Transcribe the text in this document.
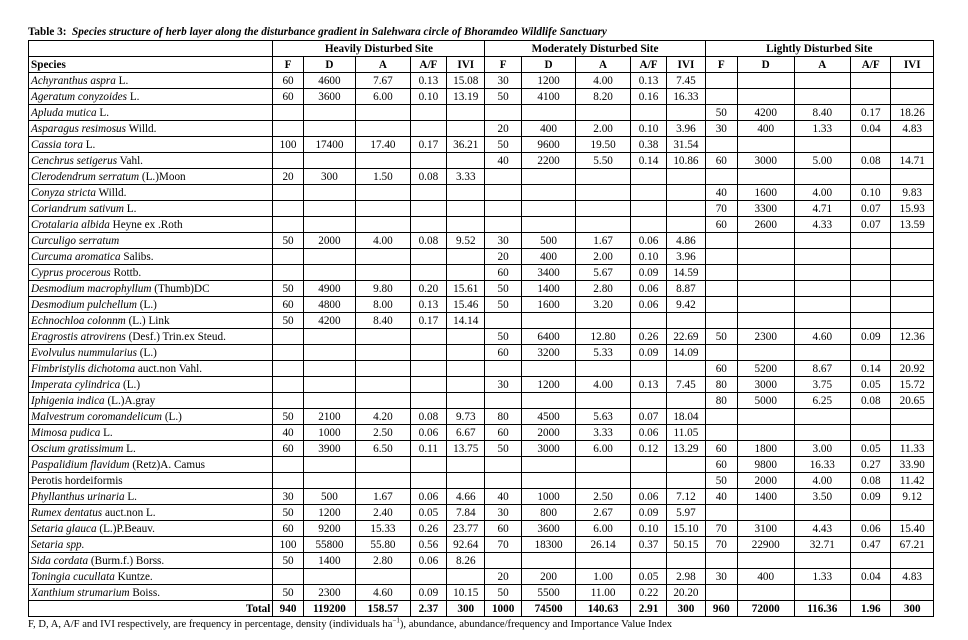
Table 3: Species structure of herb layer along the disturbance gradient in Salehwara circle of Bhoramdeo Wildlife Sanctuary
	Heavily Disturbed Site					Moderately Disturbed Site					Lightly Disturbed Site				
Species	F	D	A	A/F	IVI	F	D	A	A/F	IVI	F	D	A	A/F	IVI
Achyranthus aspra L.	60	4600	7.67	0.13	15.08	30	1200	4.00	0.13	7.45					
Ageratum conyzoides L.	60	3600	6.00	0.10	13.19	50	4100	8.20	0.16	16.33					
Apluda mutica L.											50	4200	8.40	0.17	18.26
Asparagus resimosus Willd.						20	400	2.00	0.10	3.96	30	400	1.33	0.04	4.83
Cassia tora L.	100	17400	17.40	0.17	36.21	50	9600	19.50	0.38	31.54					
Cenchrus setigerus Vahl.						40	2200	5.50	0.14	10.86	60	3000	5.00	0.08	14.71
Clerodendrum serratum (L.)Moon	20	300	1.50	0.08	3.33										
Conyza stricta Willd.											40	1600	4.00	0.10	9.83
Coriandrum sativum L.											70	3300	4.71	0.07	15.93
Crotalaria albida Heyne ex .Roth											60	2600	4.33	0.07	13.59
Curculigo serratum	50	2000	4.00	0.08	9.52	30	500	1.67	0.06	4.86					
Curcuma aromatica Salibs.						20	400	2.00	0.10	3.96					
Cyprus procerous Rottb.						60	3400	5.67	0.09	14.59					
Desmodium macrophyllum (Thumb)DC	50	4900	9.80	0.20	15.61	50	1400	2.80	0.06	8.87					
Desmodium pulchellum (L.)	60	4800	8.00	0.13	15.46	50	1600	3.20	0.06	9.42					
Echnochloa colonnm (L.) Link	50	4200	8.40	0.17	14.14										
Eragrostis atrovirens (Desf.) Trin.ex Steud.						50	6400	12.80	0.26	22.69	50	2300	4.60	0.09	12.36
Evolvulus nummularius (L.)						60	3200	5.33	0.09	14.09					
Fimbristylis dichotoma auct.non Vahl.											60	5200	8.67	0.14	20.92
Imperata cylindrica (L.)						30	1200	4.00	0.13	7.45	80	3000	3.75	0.05	15.72
Iphigenia indica (L.)A.gray											80	5000	6.25	0.08	20.65
Malvestrum coromandelicum (L.)	50	2100	4.20	0.08	9.73	80	4500	5.63	0.07	18.04					
Mimosa pudica L.	40	1000	2.50	0.06	6.67	60	2000	3.33	0.06	11.05					
Oscium gratissimum L.	60	3900	6.50	0.11	13.75	50	3000	6.00	0.12	13.29	60	1800	3.00	0.05	11.33
Paspalidium flavidum (Retz)A. Camus											60	9800	16.33	0.27	33.90
Perotis hordeiformis											50	2000	4.00	0.08	11.42
Phyllanthus urinaria L.	30	500	1.67	0.06	4.66	40	1000	2.50	0.06	7.12	40	1400	3.50	0.09	9.12
Rumex dentatus auct.non L.	50	1200	2.40	0.05	7.84	30	800	2.67	0.09	5.97					
Setaria glauca (L.)P.Beauv.	60	9200	15.33	0.26	23.77	60	3600	6.00	0.10	15.10	70	3100	4.43	0.06	15.40
Setaria spp.	100	55800	55.80	0.56	92.64	70	18300	26.14	0.37	50.15	70	22900	32.71	0.47	67.21
Sida cordata (Burm.f.) Borss.	50	1400	2.80	0.06	8.26										
Toningia cucullata Kuntze.						20	200	1.00	0.05	2.98	30	400	1.33	0.04	4.83
Xanthium strumarium Boiss.	50	2300	4.60	0.09	10.15	50	5500	11.00	0.22	20.20					
Total	940	119200	158.57	2.37	300	1000	74500	140.63	2.91	300	960	72000	116.36	1.96	300
F, D, A, A/F and IVI respectively, are frequency in percentage, density (individuals $ha^{-1}$), abundance, abundance/frequency and Importance Value Index
